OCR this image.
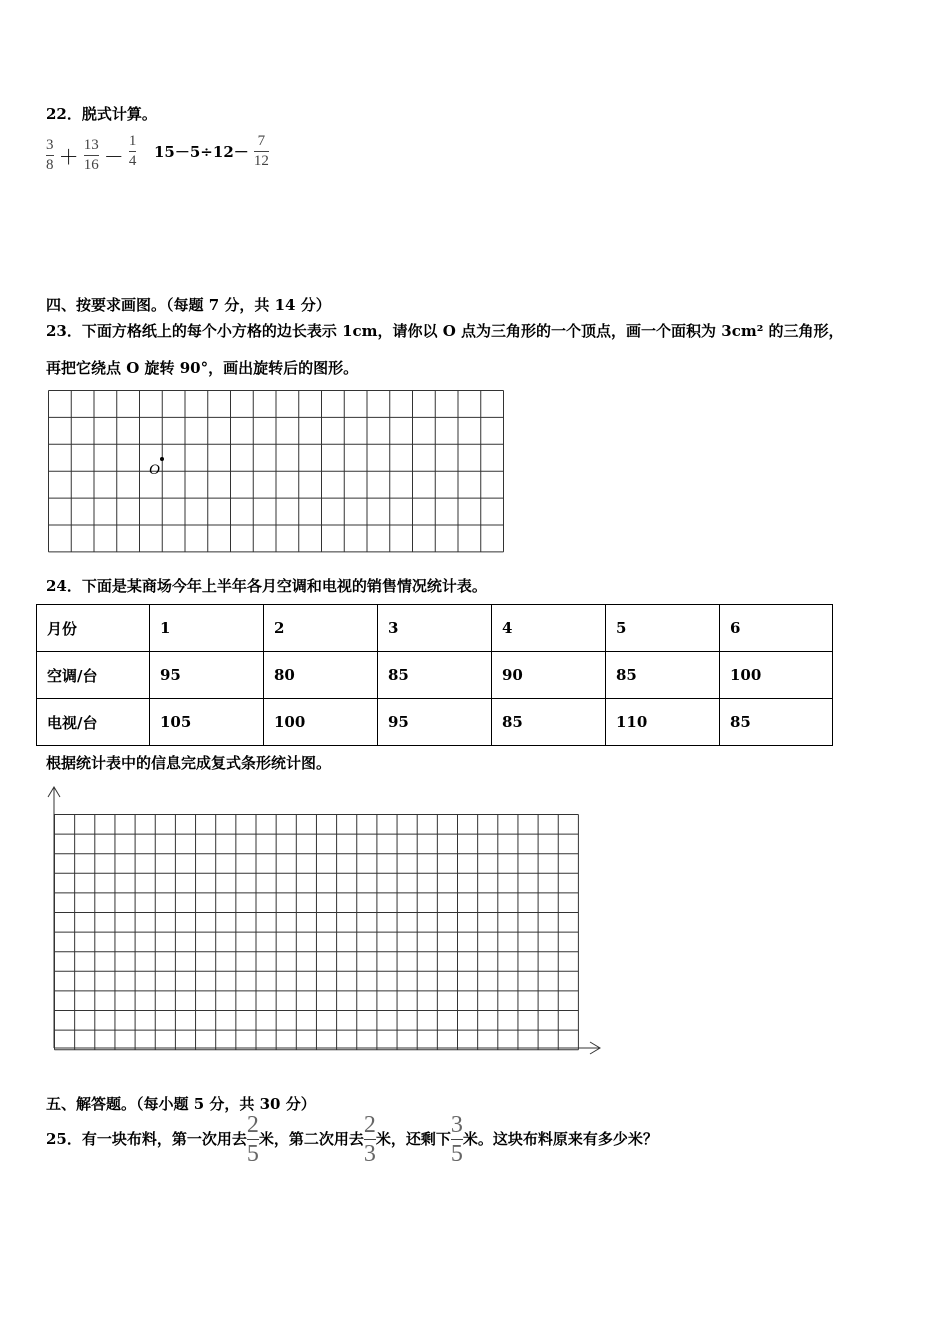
22．脱式计算。
$\frac{3}{8} + \frac{13}{16} - \frac{1}{4} 15-5\div 12- \frac{7}{12}$
四、按要求画图。（每题 7 分，共 14 分）
23．下面方格纸上的每个小方格的边长表示 1cm，请你以 O 点为三角形的一个顶点，画一个面积为 3cm² 的三角形，
再把它绕点 O 旋转 90°，画出旋转后的图形。
O
24．下面是某商场今年上半年各月空调和电视的销售情况统计表。
月份	1	2	3	4	5	6
空调/台	95	80	85	90	85	100
电视/台	105	100	95	85	110	85
根据统计表中的信息完成复式条形统计图。
五、解答题。（每小题 5 分，共 30 分）
25．有一块布料，第一次用去 $\frac{2}{5}$ 米，第二次用去 $\frac{2}{3}$ 米，还剩下 $\frac{3}{5}$ 米。这块布料原来有多少米？
